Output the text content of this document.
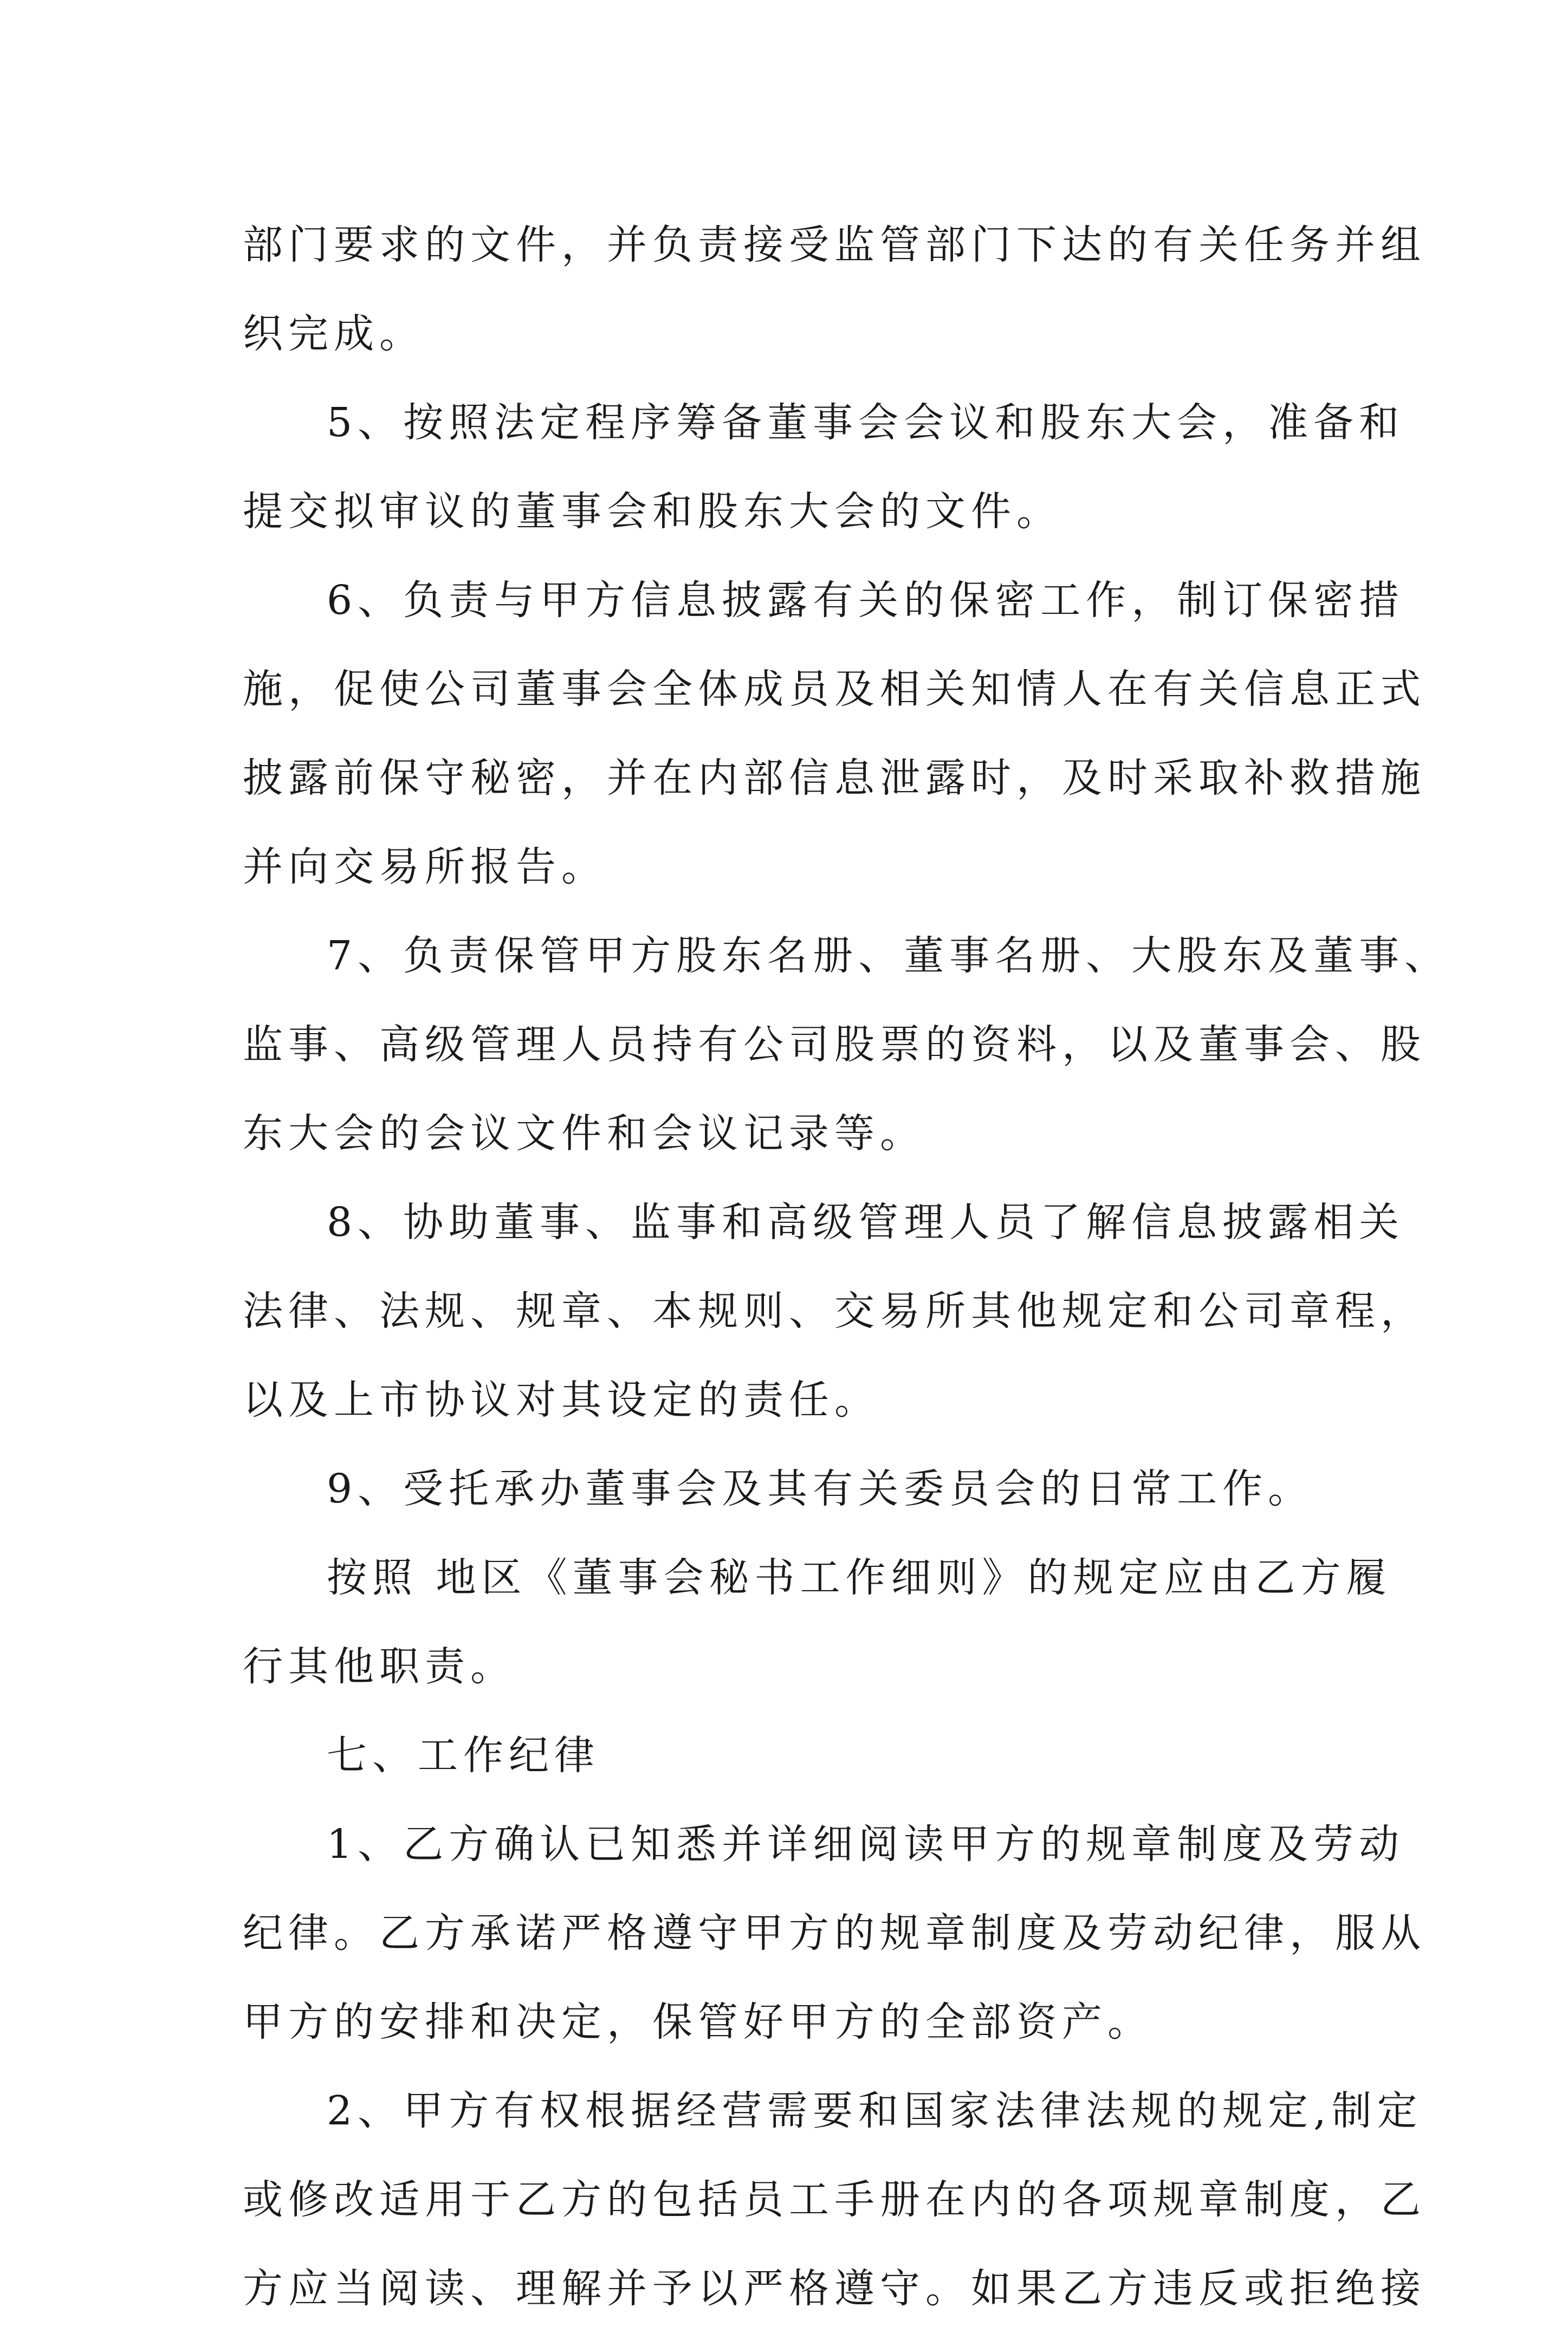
部门要求的文件，并负责接受监管部门下达的有关任务并组
织完成。

5、按照法定程序筹备董事会会议和股东大会，准备和
提交拟审议的董事会和股东大会的文件。

6、负责与甲方信息披露有关的保密工作，制订保密措
施，促使公司董事会全体成员及相关知情人在有关信息正式
披露前保守秘密，并在内部信息泄露时，及时采取补救措施
并向交易所报告。

7、负责保管甲方股东名册、董事名册、大股东及董事、
监事、高级管理人员持有公司股票的资料，以及董事会、股
东大会的会议文件和会议记录等。

8、协助董事、监事和高级管理人员了解信息披露相关
法律、法规、规章、本规则、交易所其他规定和公司章程，
以及上市协议对其设定的责任。

9、受托承办董事会及其有关委员会的日常工作。

按照 地区《董事会秘书工作细则》的规定应由乙方履
行其他职责。

七、工作纪律

1、乙方确认已知悉并详细阅读甲方的规章制度及劳动
纪律。乙方承诺严格遵守甲方的规章制度及劳动纪律，服从
甲方的安排和决定，保管好甲方的全部资产。

2、甲方有权根据经营需要和国家法律法规的规定,制定
或修改适用于乙方的包括员工手册在内的各项规章制度，乙
方应当阅读、理解并予以严格遵守。如果乙方违反或拒绝接
